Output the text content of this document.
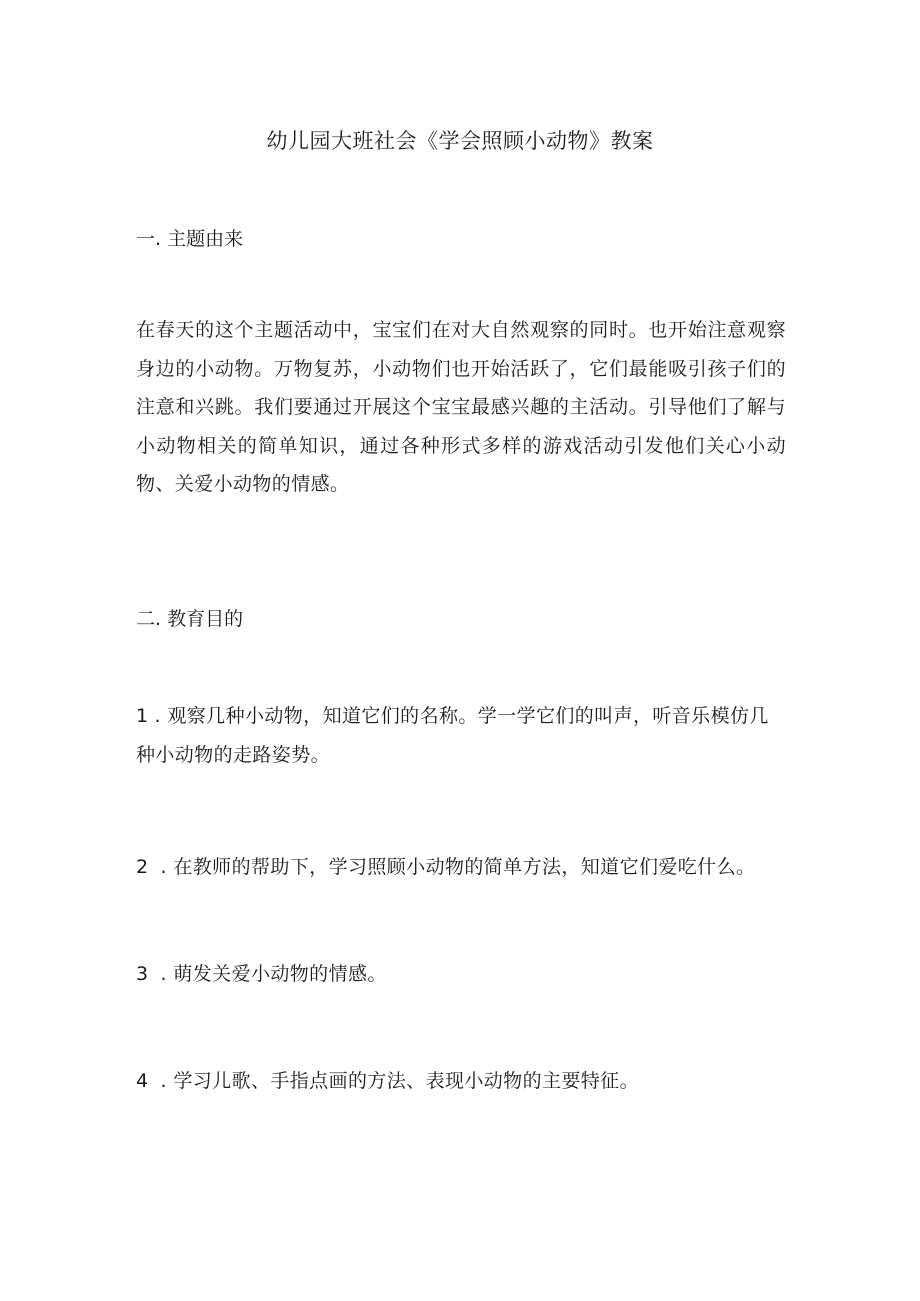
幼儿园大班社会《学会照顾小动物》教案
一. 主题由来
在春天的这个主题活动中，宝宝们在对大自然观察的同时。也开始注意观察身边的小动物。万物复苏，小动物们也开始活跃了，它们最能吸引孩子们的注意和兴跳。我们要通过开展这个宝宝最感兴趣的主活动。引导他们了解与小动物相关的简单知识，通过各种形式多样的游戏活动引发他们关心小动物、关爱小动物的情感。
二. 教育目的
1 . 观察几种小动物，知道它们的名称。学一学它们的叫声，听音乐模仿几种小动物的走路姿势。
2 . 在教师的帮助下，学习照顾小动物的简单方法，知道它们爱吃什么。
3 . 萌发关爱小动物的情感。
4 . 学习儿歌、手指点画的方法、表现小动物的主要特征。
